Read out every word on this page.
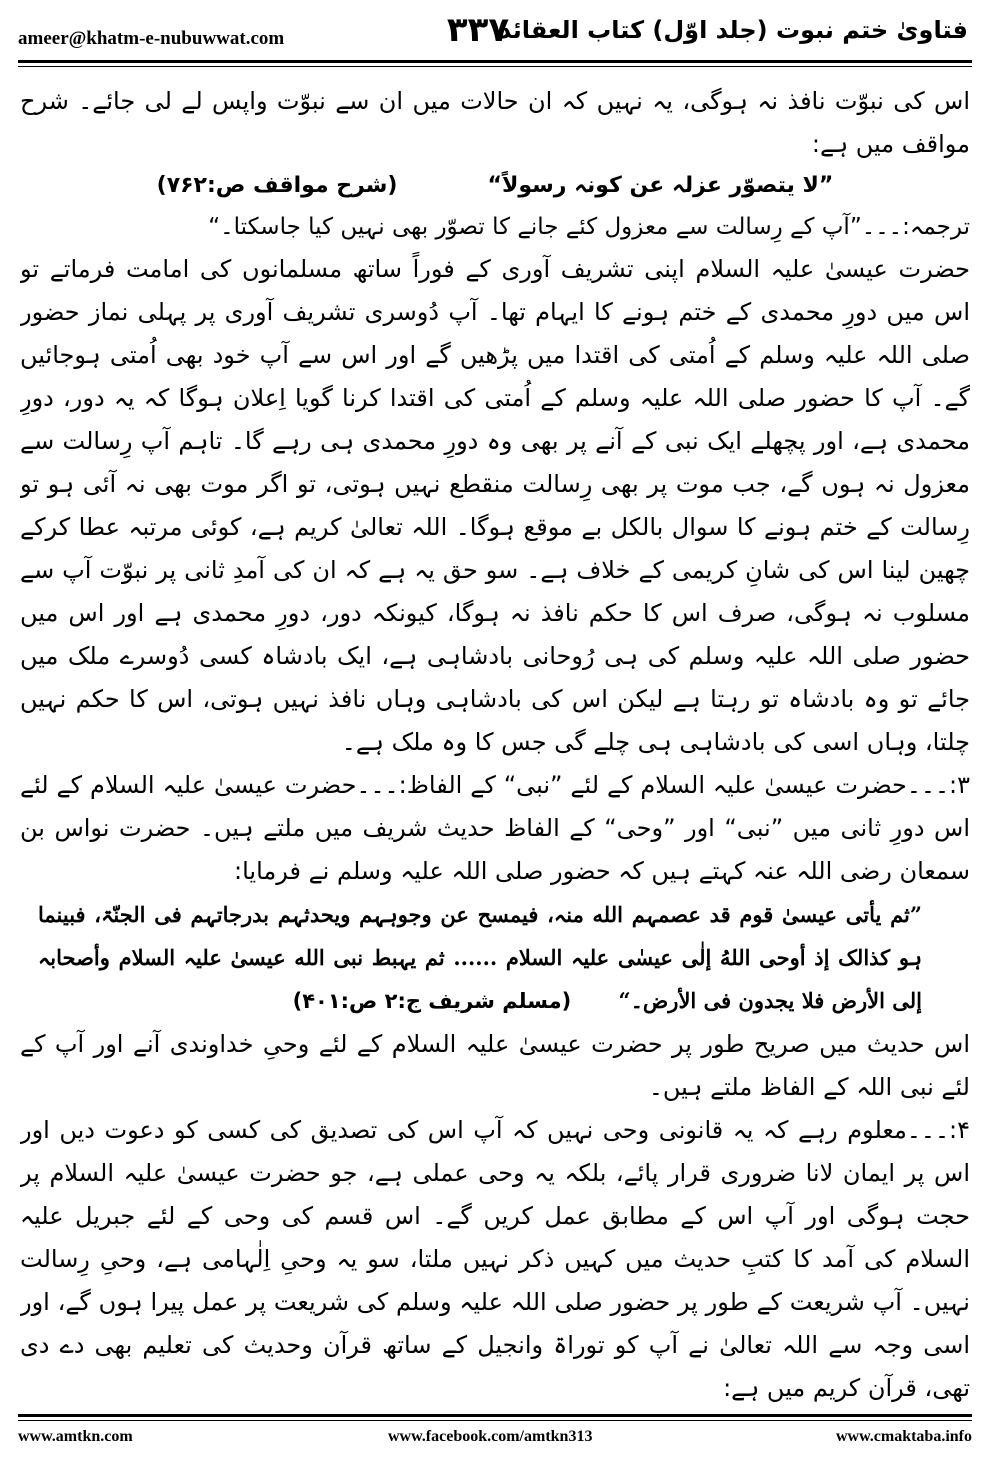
ameer@khatm-e-nubuwwat.com	۳۳۷
فتاویٰ ختم نبوت (جلد اوّل) کتاب العقائد

اس کی نبوّت نافذ نہ ہوگی، یہ نہیں کہ ان حالات میں ان سے نبوّت واپس لے لی جائے۔ شرح مواقف میں ہے:

”لا یتصوّر عزلہ عن کونہ رسولاً“
(شرح مواقف ص:۷۶۲)

ترجمہ:۔۔۔”آپ کے رِسالت سے معزول کئے جانے کا تصوّر بھی نہیں کیا جاسکتا۔“

حضرت عیسیٰ علیہ السلام اپنی تشریف آوری کے فوراً ساتھ مسلمانوں کی امامت فرماتے تو اس میں دورِ محمدی کے ختم ہونے کا ایہام تھا۔ آپ دُوسری تشریف آوری پر پہلی نماز حضور صلی اللہ علیہ وسلم کے اُمتی کی اقتدا میں پڑھیں گے اور اس سے آپ خود بھی اُمتی ہوجائیں گے۔ آپ کا حضور صلی اللہ علیہ وسلم کے اُمتی کی اقتدا کرنا گویا اِعلان ہوگا کہ یہ دور، دورِ محمدی ہے، اور پچھلے ایک نبی کے آنے پر بھی وہ دورِ محمدی ہی رہے گا۔ تاہم آپ رِسالت سے معزول نہ ہوں گے، جب موت پر بھی رِسالت منقطع نہیں ہوتی، تو اگر موت بھی نہ آئی ہو تو رِسالت کے ختم ہونے کا سوال بالکل بے موقع ہوگا۔ اللہ تعالیٰ کریم ہے، کوئی مرتبہ عطا کرکے چھین لینا اس کی شانِ کریمی کے خلاف ہے۔ سو حق یہ ہے کہ ان کی آمدِ ثانی پر نبوّت آپ سے مسلوب نہ ہوگی، صرف اس کا حکم نافذ نہ ہوگا، کیونکہ دور، دورِ محمدی ہے اور اس میں حضور صلی اللہ علیہ وسلم کی ہی رُوحانی بادشاہی ہے، ایک بادشاہ کسی دُوسرے ملک میں جائے تو وہ بادشاہ تو رہتا ہے لیکن اس کی بادشاہی وہاں نافذ نہیں ہوتی، اس کا حکم نہیں چلتا، وہاں اسی کی بادشاہی ہی چلے گی جس کا وہ ملک ہے۔

۳:۔۔۔حضرت عیسیٰ علیہ السلام کے لئے ”نبی“ کے الفاظ:۔۔۔حضرت عیسیٰ علیہ السلام کے لئے اس دورِ ثانی میں ”نبی“ اور ”وحی“ کے الفاظ حدیث شریف میں ملتے ہیں۔ حضرت نواس بن سمعان رضی اللہ عنہ کہتے ہیں کہ حضور صلی اللہ علیہ وسلم نے فرمایا:

”ثم یأتی عیسیٰ قوم قد عصمہم الله منہ، فیمسح عن وجوہہم ویحدثہم بدرجاتہم فی الجنّۃ، فبینما ہو کذالک إذ أوحی اللهُ إلٰی عیسٰی علیہ السلام ...... ثم یہبط نبی الله عیسیٰ علیہ السلام وأصحابہ إلی الأرض فلا یجدون فی الأرض۔“ (مسلم شریف ج:۲ ص:۴۰۱)

اس حدیث میں صریح طور پر حضرت عیسیٰ علیہ السلام کے لئے وحیِ خداوندی آنے اور آپ کے لئے نبی اللہ کے الفاظ ملتے ہیں۔

۴:۔۔۔معلوم رہے کہ یہ قانونی وحی نہیں کہ آپ اس کی تصدیق کی کسی کو دعوت دیں اور اس پر ایمان لانا ضروری قرار پائے، بلکہ یہ وحی عملی ہے، جو حضرت عیسیٰ علیہ السلام پر حجت ہوگی اور آپ اس کے مطابق عمل کریں گے۔ اس قسم کی وحی کے لئے جبریل علیہ السلام کی آمد کا کتبِ حدیث میں کہیں ذکر نہیں ملتا، سو یہ وحیِ اِلٰہامی ہے، وحیِ رِسالت نہیں۔ آپ شریعت کے طور پر حضور صلی اللہ علیہ وسلم کی شریعت پر عمل پیرا ہوں گے، اور اسی وجہ سے اللہ تعالیٰ نے آپ کو توراۃ وانجیل کے ساتھ قرآن وحدیث کی تعلیم بھی دے دی تھی، قرآن کریم میں ہے:

www.amtkn.com	www.facebook.com/amtkn313	www.cmaktaba.info
